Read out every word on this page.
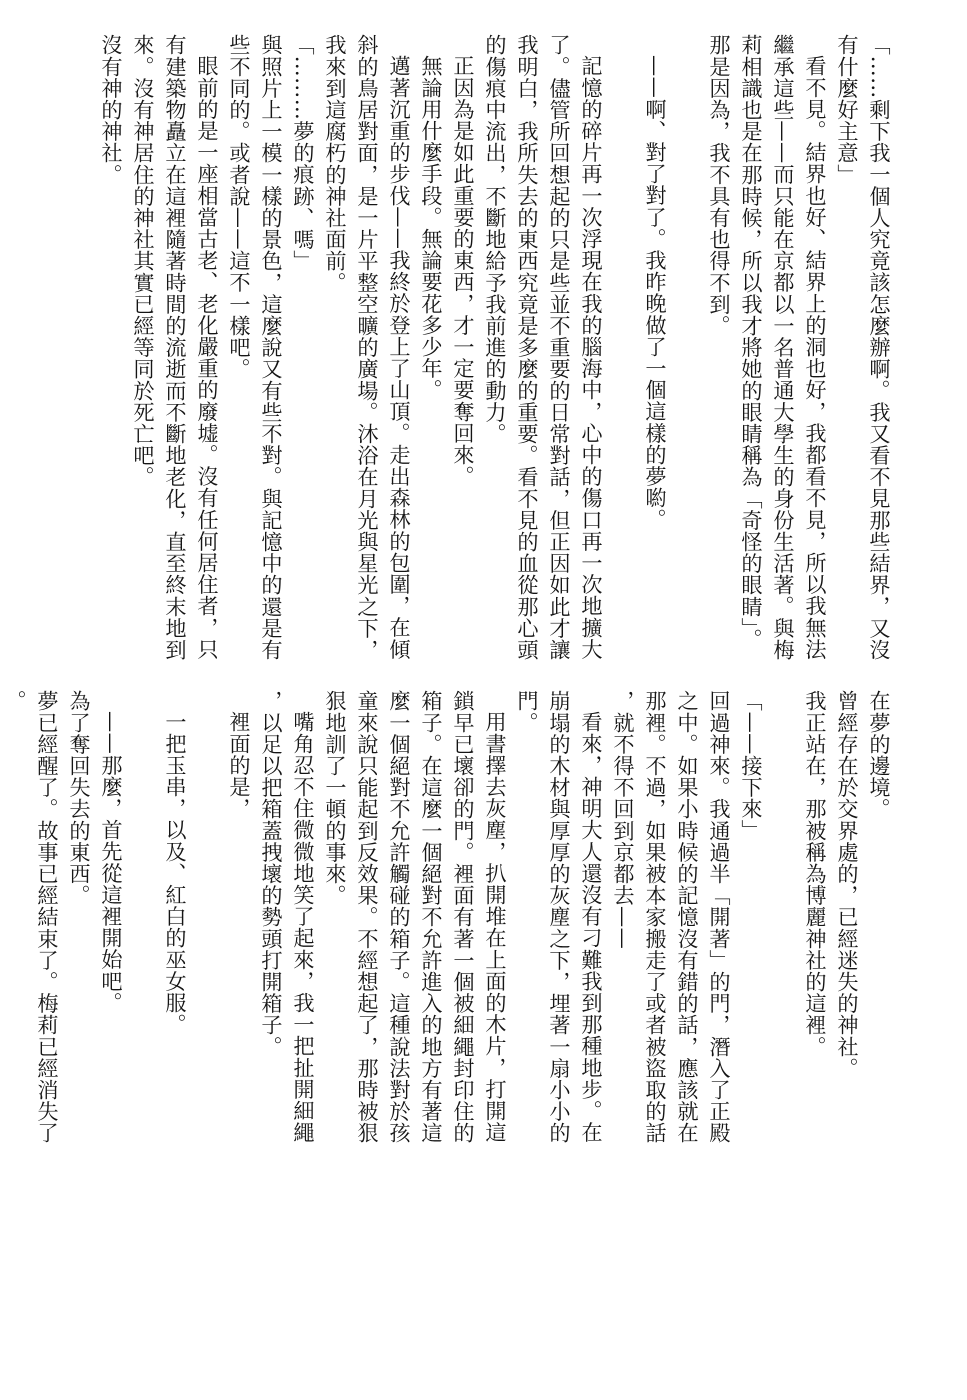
「……剩下我一個人究竟該怎麼辦啊。我又看不見那些結界，又沒有什麼好主意」

看不見。結界也好、結界上的洞也好，我都看不見，所以我無法繼承這些——而只能在京都以一名普通大學生的身份生活著。與梅莉相識也是在那時候，所以我才將她的眼睛稱為「奇怪的眼睛」。那是因為，我不具有也得不到。

——啊、對了對了。我昨晚做了一個這樣的夢喲。

記憶的碎片再一次浮現在我的腦海中，心中的傷口再一次地擴大了。儘管所回想起的只是些並不重要的日常對話，但正因如此才讓我明白，我所失去的東西究竟是多麼的重要。看不見的血從那心頭的傷痕中流出，不斷地給予我前進的動力。

正因為是如此重要的東西，才一定要奪回來。

無論用什麼手段。無論要花多少年。

邁著沉重的步伐——我終於登上了山頂。走出森林的包圍，在傾斜的鳥居對面，是一片平整空曠的廣場。沐浴在月光與星光之下，我來到這腐朽的神社面前。

「………夢的痕跡、嗎」

與照片上一模一樣的景色，這麼說又有些不對。與記憶中的還是有些不同的。或者說——這不一樣吧。

眼前的是一座相當古老、老化嚴重的廢墟。沒有任何居住者，只有建築物矗立在這裡隨著時間的流逝而不斷地老化，直至終末地到來。沒有神居住的神社其實已經等同於死亡吧。

沒有神的神社。

在夢的邊境。

曾經存在於交界處的，已經迷失的神社。

我正站在，那被稱為博麗神社的這裡。

「——接下來」

回過神來。我通過半「開著」的門，潛入了正殿之中。如果小時候的記憶沒有錯的話，應該就在那裡。不過，如果被本家搬走了或者被盜取的話，就不得不回到京都去——

看來，神明大人還沒有刁難我到那種地步。在崩塌的木材與厚厚的灰塵之下，埋著一扇小小的門。

用書擇去灰塵，扒開堆在上面的木片，打開這鎖早已壞卻的門。裡面有著一個被細繩封印住的箱子。在這麼一個絕對不允許進入的地方有著這麼一個絕對不允許觸碰的箱子。這種說法對於孩童來說只能起到反效果。不經想起了，那時被狠狠地訓了一頓的事來。

嘴角忍不住微微地笑了起來，我一把扯開細繩，以足以把箱蓋拽壞的勢頭打開箱子。

裡面的是，

一把玉串，以及、紅白的巫女服。

——那麼，首先從這裡開始吧。

為了奪回失去的東西。

夢已經醒了。故事已經結束了。梅莉已經消失了。
